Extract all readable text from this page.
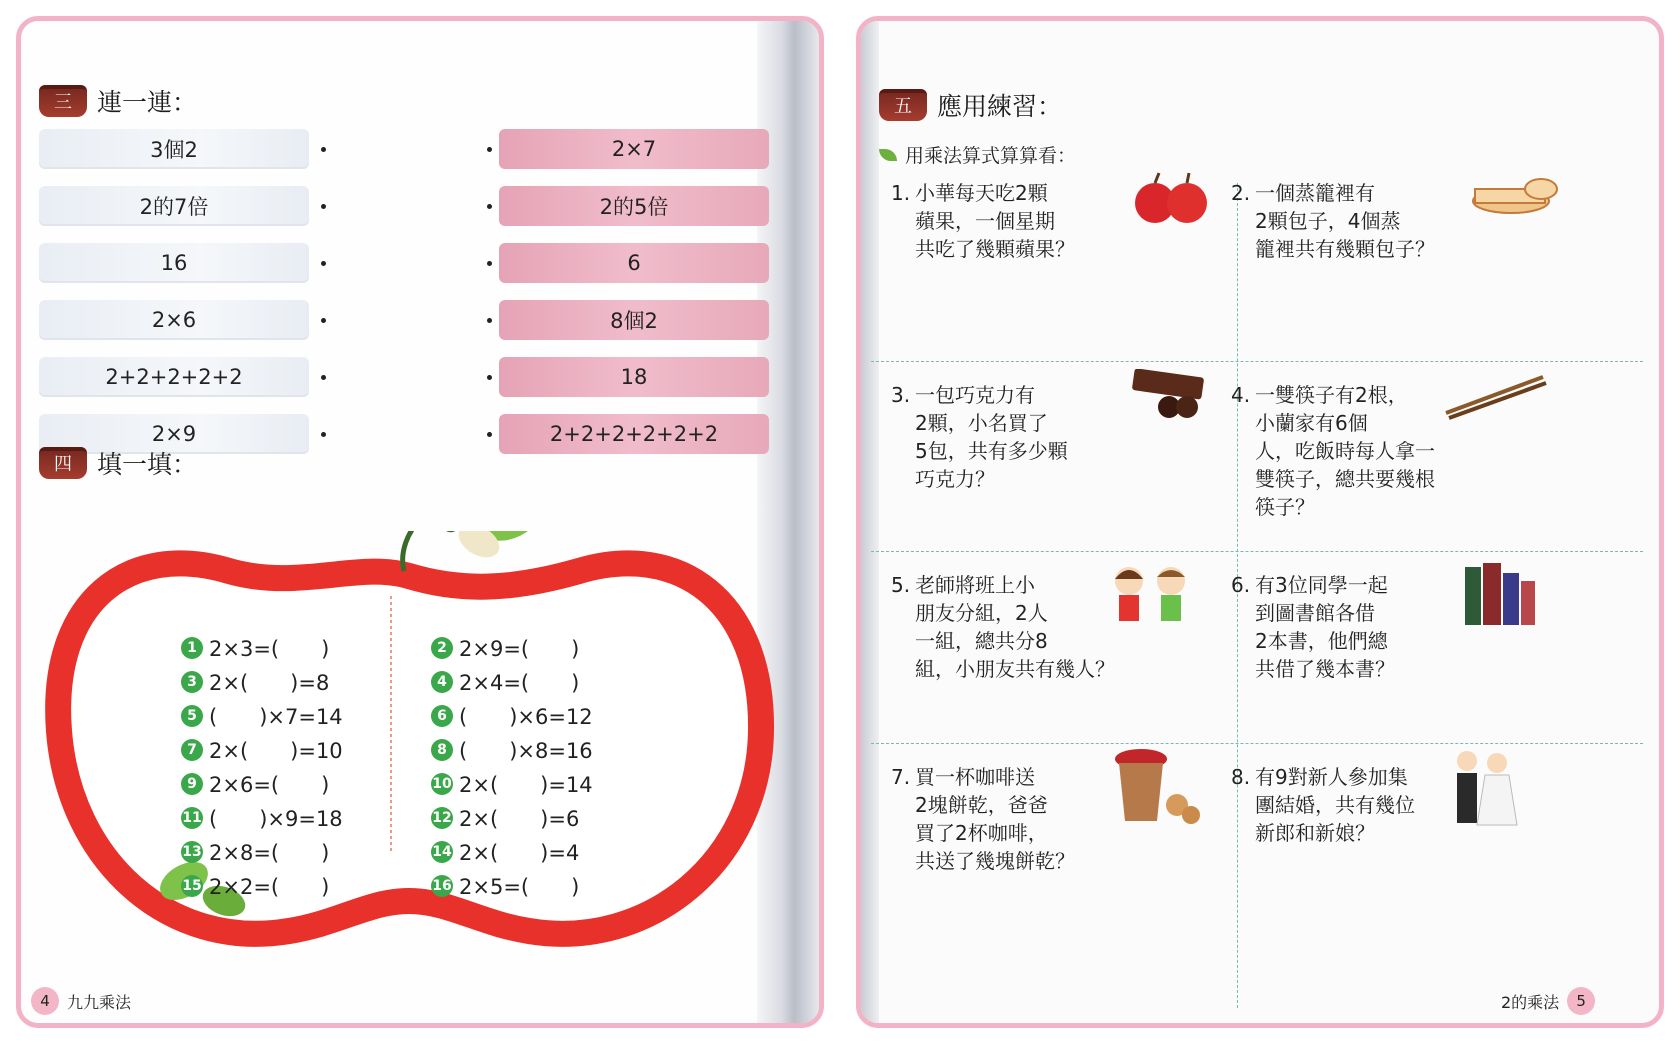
三	連一連：
3個2	2×7
2的7倍	2的5倍
16	6
2×6	8個2
2+2+2+2+2	18
2×9	2+2+2+2+2+2
四	填一填：
1 2×3=(　　)
3 2×(　　)=8
5 (　　)×7=14
7 2×(　　)=10
9 2×6=(　　)
11 (　　)×9=18
13 2×8=(　　)
15 2×2=(　　)
2 2×9=(　　)
4 2×4=(　　)
6 (　　)×6=12
8 (　　)×8=16
10 2×(　　)=14
12 2×(　　)=6
14 2×(　　)=4
16 2×5=(　　)
4	九九乘法
五	應用練習：
用乘法算式算算看：
1. 小華每天吃2顆
蘋果，一個星期
共吃了幾顆蘋果？
2. 一個蒸籠裡有
2顆包子，4個蒸
籠裡共有幾顆包子？
3. 一包巧克力有
2顆，小名買了
5包，共有多少顆
巧克力？
4. 一雙筷子有2根，
小蘭家有6個
人，吃飯時每人拿一
雙筷子，總共要幾根
筷子？
5. 老師將班上小
朋友分組，2人
一組，總共分8
組，小朋友共有幾人？
6. 有3位同學一起
到圖書館各借
2本書，他們總
共借了幾本書？
7. 買一杯咖啡送
2塊餅乾，爸爸
買了2杯咖啡，
共送了幾塊餅乾？
8. 有9對新人參加集
團結婚，共有幾位
新郎和新娘？
2的乘法	5
